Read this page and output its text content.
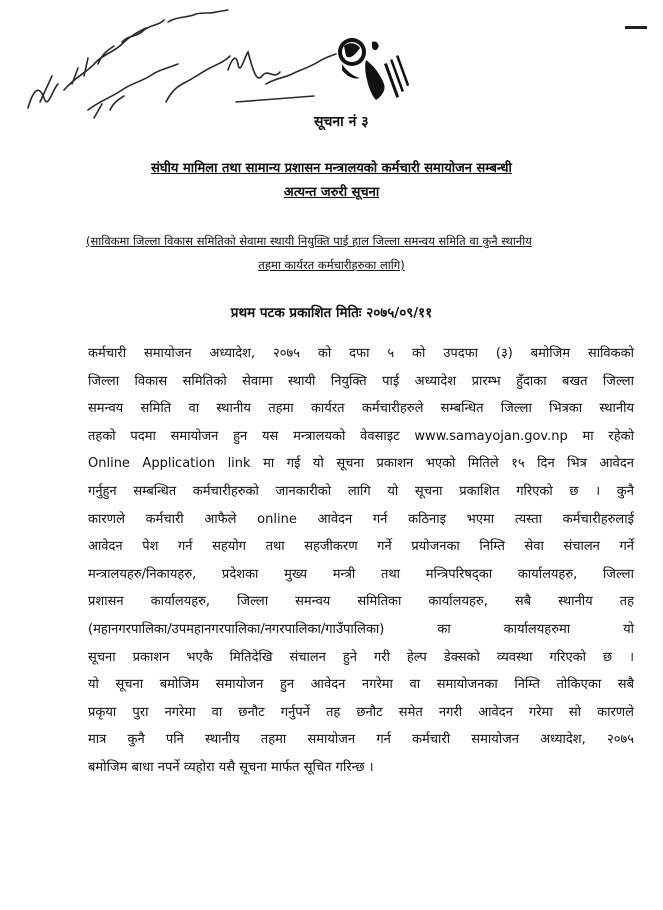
सूचना नं ३
संघीय मामिला तथा सामान्य प्रशासन मन्त्रालयको कर्मचारी समायोजन सम्बन्धी
अत्यन्त जरुरी सूचना
(साविकमा जिल्ला विकास समितिको सेवामा स्थायी नियुक्ति पाई हाल जिल्ला समन्वय समिति वा कुनै स्थानीय
तहमा कार्यरत कर्मचारीहरुका लागि)
प्रथम पटक प्रकाशित मितिः २०७५/०९/११
कर्मचारी समायोजन अध्यादेश, २०७५ को दफा ५ को उपदफा (३) बमोजिम साविकको
जिल्ला विकास समितिको सेवामा स्थायी नियुक्ति पाई अध्यादेश प्रारम्भ हुँदाका बखत जिल्ला
समन्वय समिति वा स्थानीय तहमा कार्यरत कर्मचारीहरुले सम्बन्धित जिल्ला भित्रका स्थानीय
तहको पदमा समायोजन हुन यस मन्त्रालयको वेवसाइट www.samayojan.gov.np मा रहेको
Online Application link मा गई यो सूचना प्रकाशन भएको मितिले १५ दिन भित्र आवेदन
गर्नुहुन सम्बन्धित कर्मचारीहरुको जानकारीको लागि यो सूचना प्रकाशित गरिएको छ । कुनै
कारणले कर्मचारी आफैले online आवेदन गर्न कठिनाइ भएमा त्यस्ता कर्मचारीहरुलाई
आवेदन पेश गर्न सहयोग तथा सहजीकरण गर्ने प्रयोजनका निम्ति सेवा संचालन गर्ने
मन्त्रालयहरु/निकायहरु, प्रदेशका मुख्य मन्त्री तथा मन्त्रिपरिषद्का कार्यालयहरु, जिल्ला
प्रशासन कार्यालयहरु, जिल्ला समन्वय समितिका कार्यालयहरु, सबै स्थानीय तह
(महानगरपालिका/उपमहानगरपालिका/नगरपालिका/गाउँपालिका) का कार्यालयहरुमा यो
सूचना प्रकाशन भएकै मितिदेखि संचालन हुने गरी हेल्प डेक्सको व्यवस्था गरिएको छ ।
यो सूचना बमोजिम समायोजन हुन आवेदन नगरेमा वा समायोजनका निम्ति तोकिएका सबै
प्रकृया पुरा नगरेमा वा छनौट गर्नुपर्ने तह छनौट समेत नगरी आवेदन गरेमा सो कारणले
मात्र कुनै पनि स्थानीय तहमा समायोजन गर्न कर्मचारी समायोजन अध्यादेश, २०७५
बमोजिम बाधा नपर्ने व्यहोरा यसै सूचना मार्फत सूचित गरिन्छ ।
